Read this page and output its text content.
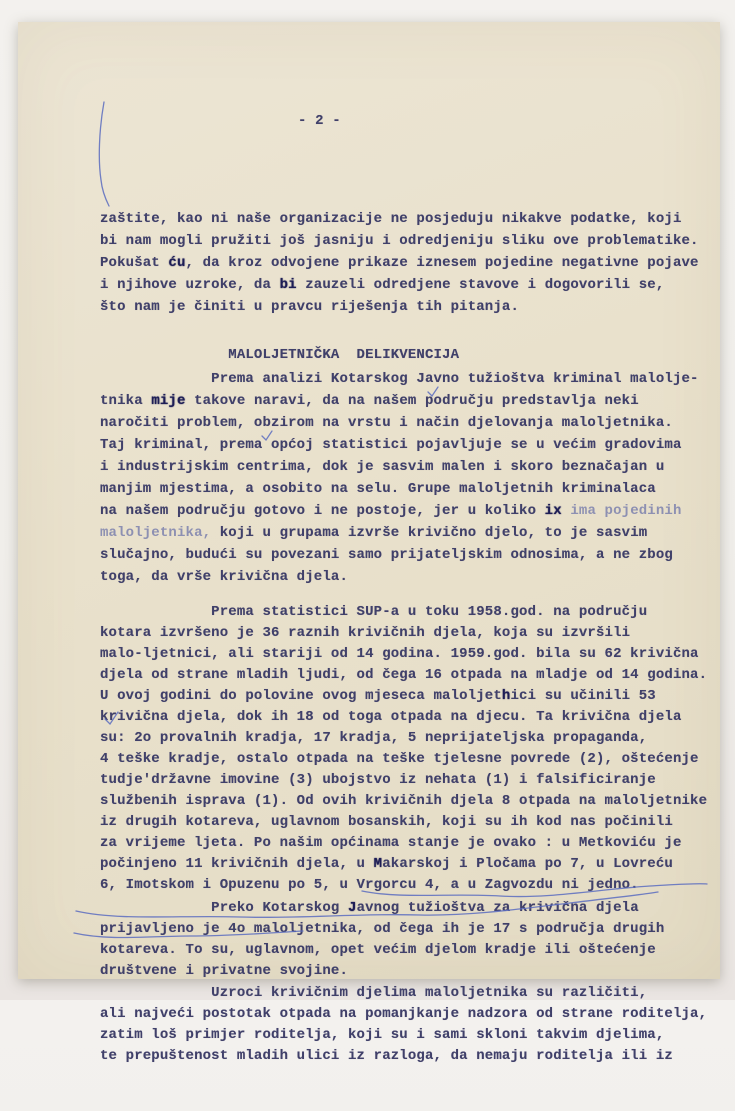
- 2 -

zaštite, kao ni naše organizacije ne posjeduju nikakve podatke, koji
bi nam mogli pružiti još jasniju i odredjeniju sliku ove problematike.
Pokušat ću, da kroz odvojene prikaze iznesem pojedine negativne pojave
i njihove uzroke, da bi zauzeli odredjene stavove i dogovorili se,
što nam je činiti u pravcu riješenja tih pitanja.
MALOLJETNIČKA  DELIKVENCIJA
Prema analizi Kotarskog Javno tužioštva kriminal malolje-
tnika mije takove naravi, da na našem području predstavlja neki
naročiti problem, obzirom na vrstu i način djelovanja maloljetnika.
Taj kriminal, prema općoj statistici pojavljuje se u većim gradovima
i industrijskim centrima, dok je sasvim malen i skoro beznačajan u
manjim mjestima, a osobito na selu. Grupe maloljetnih kriminalaca
na našem području gotovo i ne postoje, jer u koliko ix ima pojedinih
maloljetnika, koji u grupama izvrše krivično djelo, to je sasvim
slučajno, budući su povezani samo prijateljskim odnosima, a ne zbog
toga, da vrše krivična djela.
Prema statistici SUP-a u toku 1958.god. na području
kotara izvršeno je 36 raznih krivičnih djela, koja su izvršili
malo-ljetnici, ali stariji od 14 godina. 1959.god. bila su 62 krivična
djela od strane mladih ljudi, od čega 16 otpada na mladje od 14 godina.
U ovoj godini do polovine ovog mjeseca maloljethici su učinili 53
krivična djela, dok ih 18 od toga otpada na djecu. Ta krivična djela
su: 2o provalnih kradja, 17 kradja, 5 neprijateljska propaganda,
4 teške kradje, ostalo otpada na teške tjelesne povrede (2), oštećenje
tudje'državne imovine (3) ubojstvo iz nehata (1) i falsificiranje
službenih isprava (1). Od ovih krivičnih djela 8 otpada na maloljetnike
iz drugih kotareva, uglavnom bosanskih, koji su ih kod nas počinili
za vrijeme ljeta. Po našim općinama stanje je ovako : u Metkoviću je
počinjeno 11 krivičnih djela, u Makarskoj i Pločama po 7, u Lovreću
6, Imotskom i Opuzenu po 5, u Vrgorcu 4, a u Zagvozdu ni jedno.
Preko Kotarskog Javnog tužioštva za krivična djela
prijavljeno je 4o maloljetnika, od čega ih je 17 s područja drugih
kotareva. To su, uglavnom, opet većim djelom kradje ili oštećenje
društvene i privatne svojine.
Uzroci krivičnim djelima maloljetnika su različiti,
ali najveći postotak otpada na pomanjkanje nadzora od strane roditelja,
zatim loš primjer roditelja, koji su i sami skloni takvim djelima,
te prepuštenost mladih ulici iz razloga, da nemaju roditelja ili iz
